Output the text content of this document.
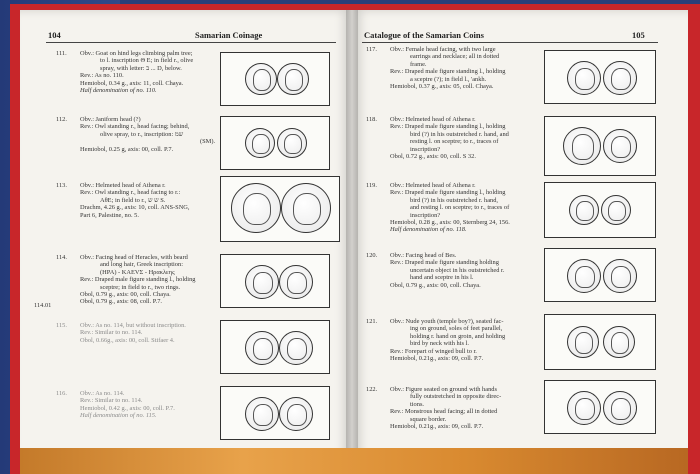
104	Samarian Coinage
111.	Obv.: Goat on hind legs climbing palm tree;
to l. inscription Θ E; in field r., olive
spray, with letter: ב ... D, below.
Rev.: As no. 110.
Hemiobol, 0.34 g., axis: 11, coll. Chaya.
Half denomination of no. 110.
112.	Obv.: Janiform head (?)
Rev.: Owl standing r., head facing; behind,
olive spray, to r., inscription: שמ
(SM).
Hemiobol, 0.25 g, axis: 00, coll. P.7.
113.	Obv.: Helmeted head of Athena r.
Rev.: Owl standing r., head facing to r.:
AθE; in field to r., ש ש S.
Drachm, 4.26 g., axis: 10, coll. ANS-SNG,
Part 6, Palestine, no. 5.
114.	Obv.: Facing head of Heracles, with beard
and long hair, Greek inscription:
(HPA) - KAEVΣ - Ηρακλεης
Rev.: Draped male figure standing l., holding
sceptre; in field to r., two rings.
Obol, 0.79 g., axis: 00, coll. Chaya.
Obol, 0.79 g., axis: 08, coll. P.7.
114.01
115.	Obv.: As no. 114, but without inscription.
Rev.: Similar to no. 114.
Obol, 0.66g., axis: 00, coll. Stifaer 4.
116.	Obv.: As no. 114.
Rev.: Similar to no. 114.
Hemiobol, 0.42 g., axis: 00, coll. P.7.
Half denomination of no. 115.
Catalogue of the Samarian Coins	105
117.	Obv.: Female head facing, with two large
earrings and necklace; all in dotted
frame.
Rev.: Draped male figure standing l., holding
a sceptre (?); in field l., 'ankh.
Hemiobol, 0.37 g., axis: 05, coll. Chaya.
118.	Obv.: Helmeted head of Athena r.
Rev.: Draped male figure standing l., holding
bird (?) in his outstretched r. hand, and
resting l. on sceptre; to r., traces of
inscription?
Obol, 0.72 g., axis: 00, coll. S 32.
119.	Obv.: Helmeted head of Athena r.
Rev.: Draped male figure standing l., holding
bird (?) in his outstretched r. hand,
and resting l. on sceptre; to r., traces of
inscription?
Hemiobol, 0.28 g., axis: 00, Sternberg 24, 156.
Half denomination of no. 118.
120.	Obv.: Facing head of Bes.
Rev.: Draped male figure standing holding
uncertain object in his outstretched r.
hand and sceptre in his l.
Obol, 0.79 g., axis: 00, coll. Chaya.
121.	Obv.: Nude youth (temple boy?), seated fac-
ing on ground, soles of feet parallel,
holding r. hand on groin, and holding
bird by neck with his l.
Rev.: Forepart of winged bull to r.
Hemiobol, 0.21g., axis: 09, coll. P.7.
122.	Obv.: Figure seated on ground with hands
fully outstretched in opposite direc-
tions.
Rev.: Monstrous head facing; all in dotted
square border.
Hemiobol, 0.21g., axis: 09, coll. P.7.
